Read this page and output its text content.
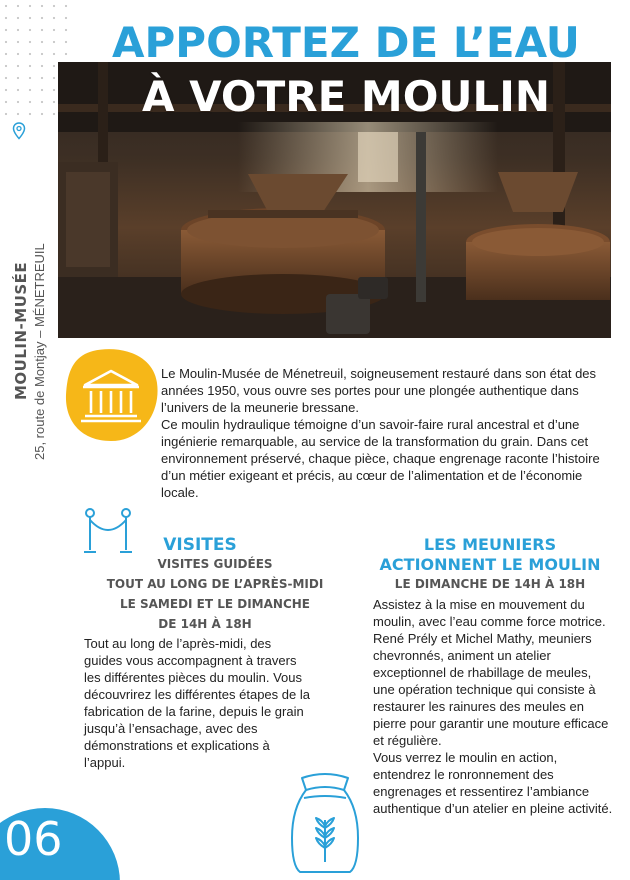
APPORTEZ DE L’EAU
À VOTRE MOULIN
MOULIN-MUSÉE 25, route de Montjay – MÉNETREUIL	Le Moulin-Musée de Ménetreuil, soigneusement restauré dans son état des années 1950, vous ouvre ses portes pour une plongée authentique dans l’univers de la meunerie bressane.

Ce moulin hydraulique témoigne d’un savoir-faire rural ancestral et d’une ingénierie remarquable, au service de la transformation du grain. Dans cet environnement préservé, chaque pièce, chaque engrenage raconte l’histoire d’un métier exigeant et précis, au cœur de l’alimentation et de l’économie locale.

VISITES
VISITES GUIDÉES
TOUT AU LONG DE L’APRÈS-MIDI
LE SAMEDI ET LE DIMANCHE
DE 14H À 18H
Tout au long de l’après-midi, des guides vous accompagnent à travers les différentes pièces du moulin. Vous découvrirez les différentes étapes de la fabrication de la farine, depuis le grain jusqu’à l’ensachage, avec des démonstrations et explications à l’appui.
LES MEUNIERS
ACTIONNENT LE MOULIN
LE DIMANCHE DE 14H À 18H

Assistez à la mise en mouvement du moulin, avec l’eau comme force motrice. René Prély et Michel Mathy, meuniers chevronnés, animent un atelier exceptionnel de rhabillage de meules, une opération technique qui consiste à restaurer les rainures des meules en pierre pour garantir une mouture efficace et régulière.

Vous verrez le moulin en action, entendrez le ronronnement des engrenages et ressentirez l’ambiance authentique d’un atelier en pleine activité.

06
